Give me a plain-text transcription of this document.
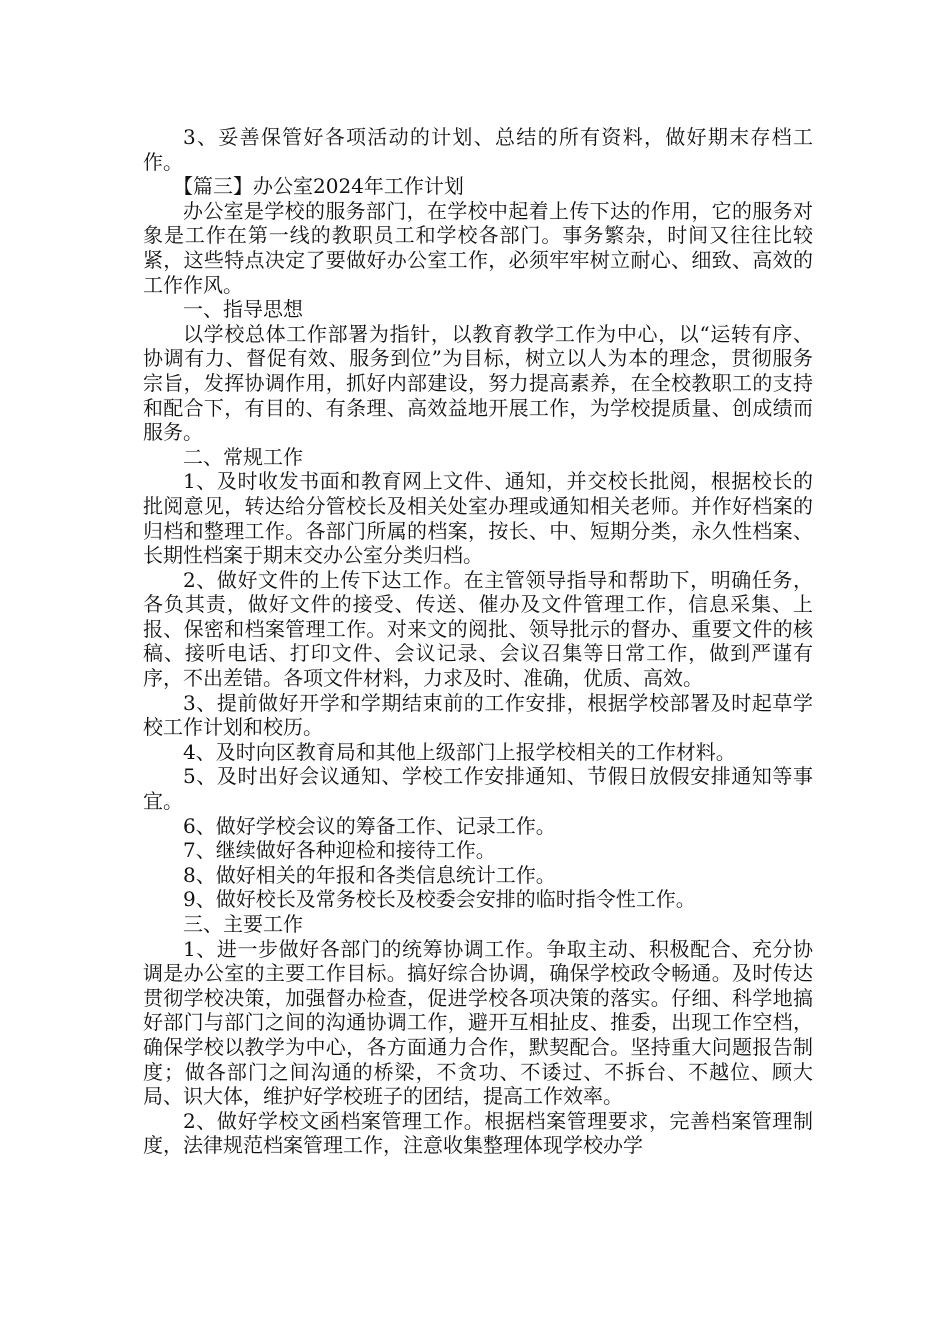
3、妥善保管好各项活动的计划、总结的所有资料，做好期末存档工作。

【篇三】办公室2024年工作计划

办公室是学校的服务部门，在学校中起着上传下达的作用，它的服务对象是工作在第一线的教职员工和学校各部门。事务繁杂，时间又往往比较紧，这些特点决定了要做好办公室工作，必须牢牢树立耐心、细致、高效的工作作风。

一、指导思想

以学校总体工作部署为指针，以教育教学工作为中心，以“运转有序、协调有力、督促有效、服务到位”为目标，树立以人为本的理念，贯彻服务宗旨，发挥协调作用，抓好内部建设，努力提高素养，在全校教职工的支持和配合下，有目的、有条理、高效益地开展工作，为学校提质量、创成绩而服务。

二、常规工作

1、及时收发书面和教育网上文件、通知，并交校长批阅，根据校长的批阅意见，转达给分管校长及相关处室办理或通知相关老师。并作好档案的归档和整理工作。各部门所属的档案，按长、中、短期分类，永久性档案、长期性档案于期末交办公室分类归档。

2、做好文件的上传下达工作。在主管领导指导和帮助下，明确任务，各负其责，做好文件的接受、传送、催办及文件管理工作，信息采集、上报、保密和档案管理工作。对来文的阅批、领导批示的督办、重要文件的核稿、接听电话、打印文件、会议记录、会议召集等日常工作，做到严谨有序，不出差错。各项文件材料，力求及时、准确，优质、高效。

3、提前做好开学和学期结束前的工作安排，根据学校部署及时起草学校工作计划和校历。

4、及时向区教育局和其他上级部门上报学校相关的工作材料。

5、及时出好会议通知、学校工作安排通知、节假日放假安排通知等事宜。

6、做好学校会议的筹备工作、记录工作。

7、继续做好各种迎检和接待工作。

8、做好相关的年报和各类信息统计工作。

9、做好校长及常务校长及校委会安排的临时指令性工作。

三、主要工作

1、进一步做好各部门的统筹协调工作。争取主动、积极配合、充分协调是办公室的主要工作目标。搞好综合协调，确保学校政令畅通。及时传达贯彻学校决策，加强督办检查，促进学校各项决策的落实。仔细、科学地搞好部门与部门之间的沟通协调工作，避开互相扯皮、推委，出现工作空档，确保学校以教学为中心，各方面通力合作，默契配合。坚持重大问题报告制度；做各部门之间沟通的桥梁，不贪功、不诿过、不拆台、不越位、顾大局、识大体，维护好学校班子的团结，提高工作效率。

2、做好学校文函档案管理工作。根据档案管理要求，完善档案管理制度，法律规范档案管理工作，注意收集整理体现学校办学
